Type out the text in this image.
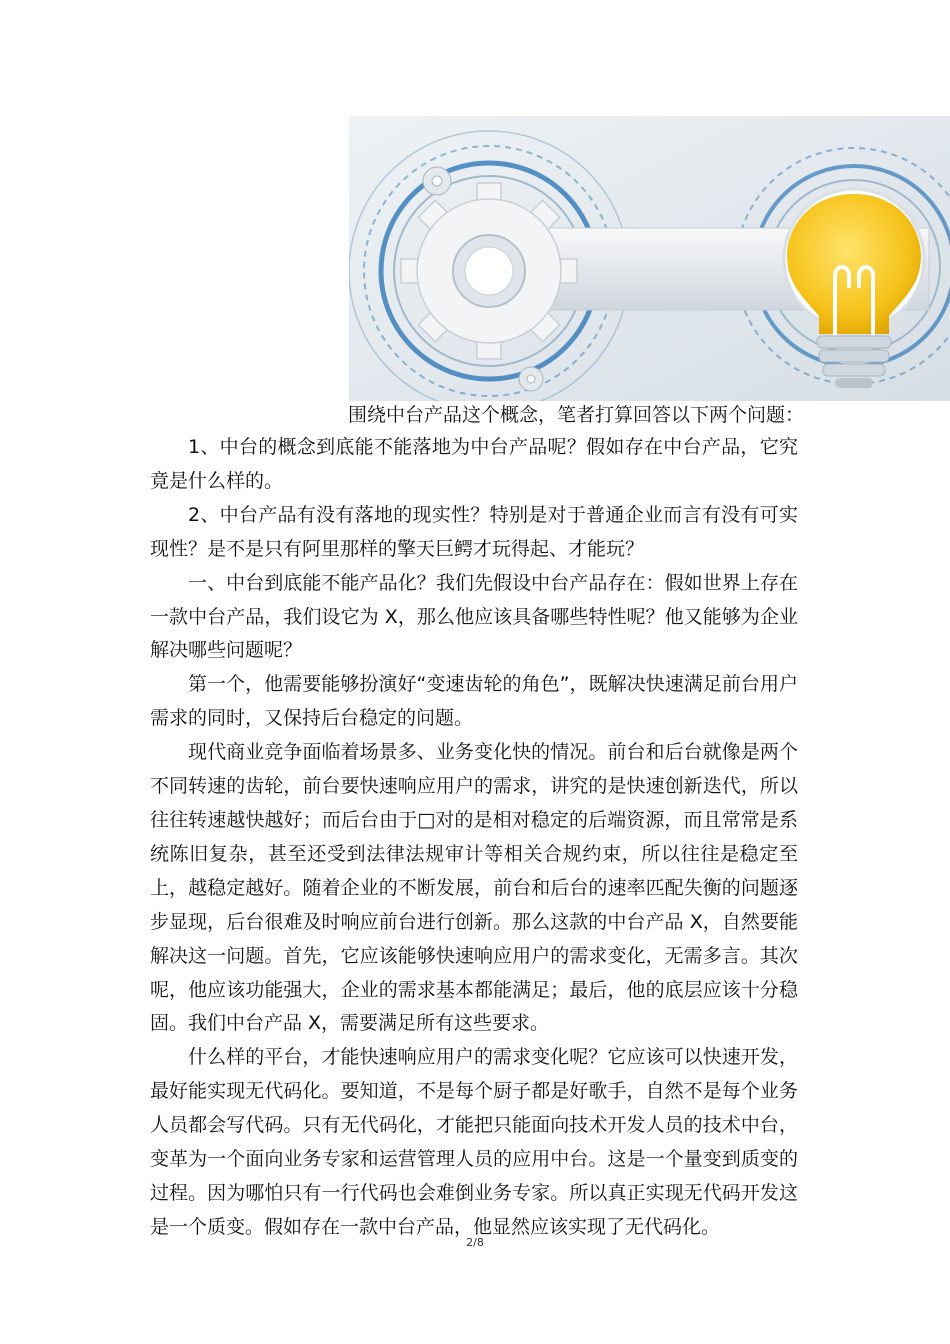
围绕中台产品这个概念，笔者打算回答以下两个问题：

1、中台的概念到底能不能落地为中台产品呢？假如存在中台产品，它究竟是什么样的。

2、中台产品有没有落地的现实性？特别是对于普通企业而言有没有可实现性？是不是只有阿里那样的擎天巨鳄才玩得起、才能玩？

一、中台到底能不能产品化？我们先假设中台产品存在：假如世界上存在一款中台产品，我们设它为 X，那么他应该具备哪些特性呢？他又能够为企业解决哪些问题呢？

第一个，他需要能够扮演好“变速齿轮的角色”，既解决快速满足前台用户需求的同时，又保持后台稳定的问题。

现代商业竞争面临着场景多、业务变化快的情况。前台和后台就像是两个不同转速的齿轮，前台要快速响应用户的需求，讲究的是快速创新迭代，所以往往转速越快越好；而后台由于□对的是相对稳定的后端资源，而且常常是系统陈旧复杂，甚至还受到法律法规审计等相关合规约束，所以往往是稳定至上，越稳定越好。随着企业的不断发展，前台和后台的速率匹配失衡的问题逐步显现，后台很难及时响应前台进行创新。那么这款的中台产品 X，自然要能解决这一问题。首先，它应该能够快速响应用户的需求变化，无需多言。其次呢，他应该功能强大，企业的需求基本都能满足；最后，他的底层应该十分稳固。我们中台产品 X，需要满足所有这些要求。

什么样的平台，才能快速响应用户的需求变化呢？它应该可以快速开发，最好能实现无代码化。要知道，不是每个厨子都是好歌手，自然不是每个业务人员都会写代码。只有无代码化，才能把只能面向技术开发人员的技术中台，变革为一个面向业务专家和运营管理人员的应用中台。这是一个量变到质变的过程。因为哪怕只有一行代码也会难倒业务专家。所以真正实现无代码开发这是一个质变。假如存在一款中台产品，他显然应该实现了无代码化。

2/8
